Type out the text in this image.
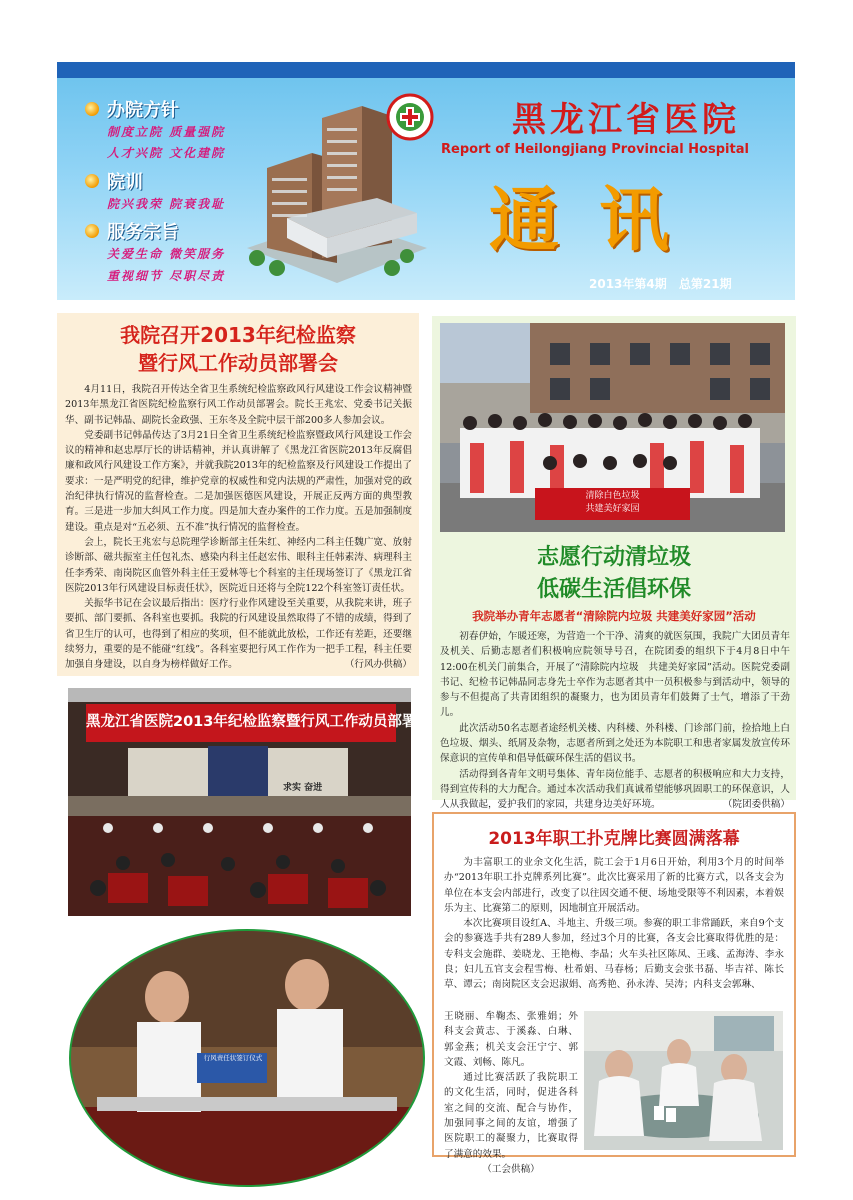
办院方针
制度立院 质量强院
人才兴院 文化建院
院训
院兴我荣 院衰我耻
服务宗旨
关爱生命 微笑服务
重视细节 尽职尽责
黑龙江省医院
Report of Heilongjiang Provincial Hospital
通讯
2013年第4期 总第21期
我院召开2013年纪检监察
暨行风工作动员部署会

4月11日，我院召开传达全省卫生系统纪检监察政风行风建设工作会议精神暨2013年黑龙江省医院纪检监察行风工作动员部署会。院长王兆宏、党委书记关振华、副书记韩晶、副院长金政强、王东冬及全院中层干部200多人参加会议。

党委副书记韩晶传达了3月21日全省卫生系统纪检监察暨政风行风建设工作会议的精神和赵忠厚厅长的讲话精神，并认真讲解了《黑龙江省医院2013年反腐倡廉和政风行风建设工作方案》，并就我院2013年的纪检监察及行风建设工作提出了要求：一是严明党的纪律，维护党章的权威性和党内法规的严肃性，加强对党的政治纪律执行情况的监督检查。二是加强医德医风建设，开展正反两方面的典型教育。三是进一步加大纠风工作力度。四是加大查办案件的工作力度。五是加强制度建设。重点是对“五必须、五不准”执行情况的监督检查。

会上，院长王兆宏与总院理学诊断部主任朱红、神经内二科主任魏广宽、放射诊断部、磁共振室主任包礼杰、感染内科主任赵宏伟、眼科主任韩素涛、病理科主任李秀荣、南岗院区血管外科主任王爱林等七个科室的主任现场签订了《黑龙江省医院2013年行风建设目标责任状》，医院近日还将与全院122个科室签订责任状。

关振华书记在会议最后指出：医疗行业作风建设至关重要，从我院来讲，班子要抓、部门要抓、各科室也要抓。我院的行风建设虽然取得了不错的成绩，得到了省卫生厅的认可，也得到了相应的奖项，但不能就此放松，工作还有差距，还要继续努力，重要的是不能碰“红线”。各科室要把行风工作作为一把手工程，科主任要加强自身建设，以自身为榜样做好工作。	（行风办供稿）

黑龙江省医院2013年纪检监察暨行风工作动员部署会
求实 奋进
行风责任状签订仪式
清除白色垃圾
共建美好家园
志愿行动清垃圾
低碳生活倡环保
我院举办青年志愿者“清除院内垃圾 共建美好家园”活动

初春伊始，乍暖还寒，为营造一个干净、清爽的就医氛围，我院广大团员青年及机关、后勤志愿者们积极响应院领导号召，在院团委的组织下于4月8日中午12:00在机关门前集合，开展了“清除院内垃圾　共建美好家园”活动。医院党委副书记、纪检书记韩晶同志身先士卒作为志愿者其中一员积极参与到活动中，领导的参与不但提高了共青团组织的凝聚力，也为团员青年们鼓舞了士气，增添了干劲儿。

此次活动50名志愿者途经机关楼、内科楼、外科楼、门诊部门前，捡拾地上白色垃圾、烟头、纸屑及杂物，志愿者所到之处还为本院职工和患者家属发放宣传环保意识的宣传单和倡导低碳环保生活的倡议书。

活动得到各青年文明号集体、青年岗位能手、志愿者的积极响应和大力支持，得到宣传科的大力配合。通过本次活动我们真诚希望能够巩固职工的环保意识，人人从我做起，爱护我们的家园，共建身边美好环境。	（院团委供稿）

2013年职工扑克牌比赛圆满落幕

为丰富职工的业余文化生活，院工会于1月6日开始，利用3个月的时间举办“2013年职工扑克牌系列比赛”。此次比赛采用了新的比赛方式，以各支会为单位在本支会内部进行，改变了以往因交通不便、场地受限等不利因素，本着娱乐为主、比赛第二的原则，因地制宜开展活动。

本次比赛项目设红A、斗地主、升级三项。参赛的职工非常踊跃，来自9个支会的参赛选手共有289人参加，经过3个月的比赛，各支会比赛取得优胜的是：专科支会施群、姜晓龙、王艳梅、李晶；火车头社区陈凤、王彧、孟海涛、李永良；妇儿五官支会程雪梅、杜希娟、马春杨；后勤支会张书磊、毕吉祥、陈长草、谭云；南岗院区支会迟淑娟、高秀艳、孙永涛、吴涛；内科支会郭琳、

王晓丽、牟鞠杰、张雅娟；外科支会黄志、于溪淼、白琳、郭金燕；机关支会汪宁宁、郭文霞、刘畅、陈凡。

通过比赛活跃了我院职工的文化生活，同时，促进各科室之间的交流、配合与协作，加强同事之间的友谊，增强了医院职工的凝聚力，比赛取得了满意的效果。

（工会供稿）
